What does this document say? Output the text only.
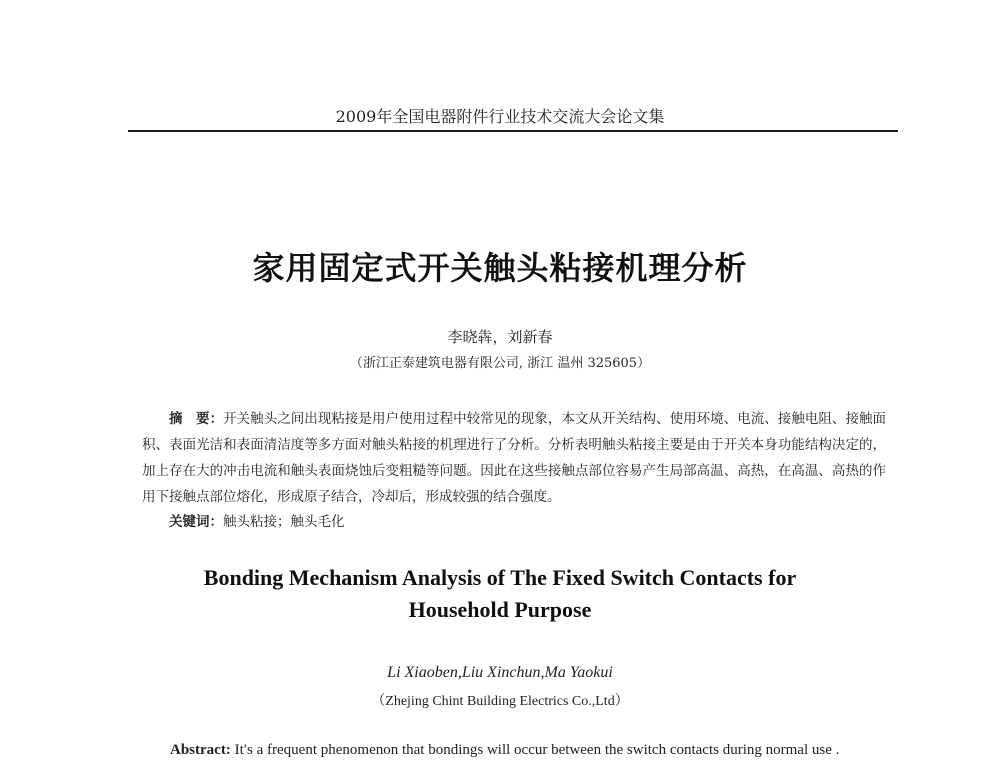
2009年全国电器附件行业技术交流大会论文集
家用固定式开关触头粘接机理分析
李晓犇，刘新春
（浙江正泰建筑电器有限公司, 浙江 温州 325605）
摘　要：开关触头之间出现粘接是用户使用过程中较常见的现象，本文从开关结构、使用环境、电流、接触电阻、接触面积、表面光洁和表面清洁度等多方面对触头粘接的机理进行了分析。分析表明触头粘接主要是由于开关本身功能结构决定的，加上存在大的冲击电流和触头表面烧蚀后变粗糙等问题。因此在这些接触点部位容易产生局部高温、高热，在高温、高热的作用下接触点部位熔化，形成原子结合，冷却后，形成较强的结合强度。
关键词：触头粘接；触头毛化
Bonding Mechanism Analysis of The Fixed Switch Contacts for
Household Purpose
Li Xiaoben,Liu Xinchun,Ma Yaokui
（Zhejing Chint Building Electrics Co.,Ltd）
Abstract: It′s a frequent phenomenon that bondings will occur between the switch contacts during normal use .
